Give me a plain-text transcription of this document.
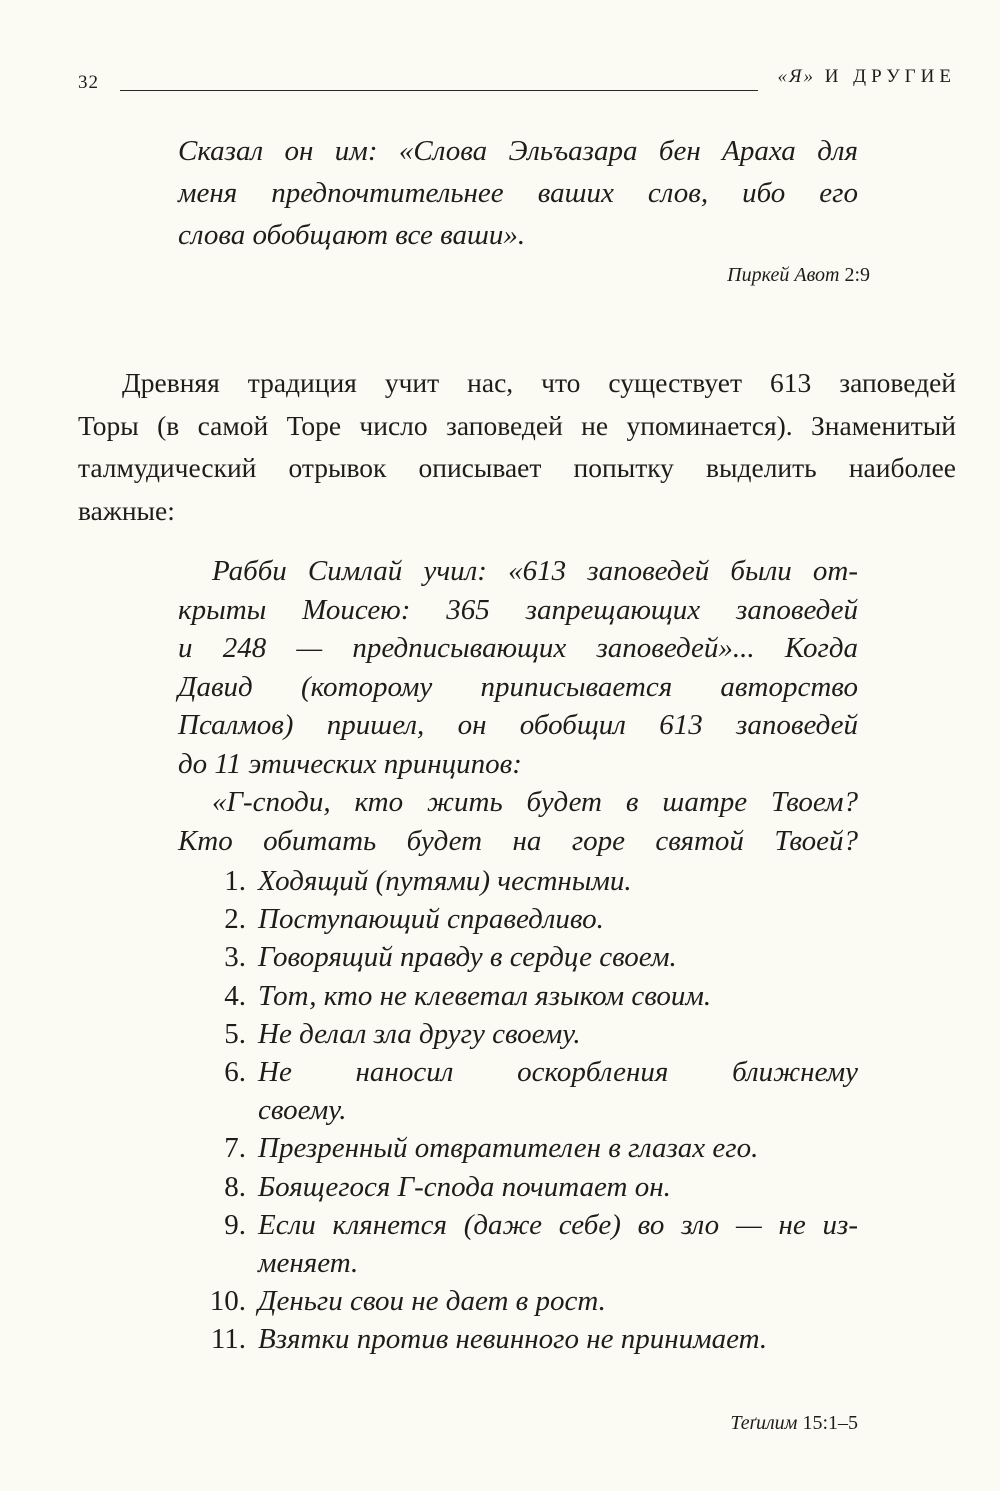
32	«Я» И ДРУГИЕ
Сказал он им: «Слова Эльъазара бен Араха для
меня предпочтительнее ваших слов, ибо его
слова обобщают все ваши».
Пиркей Авот 2:9
Древняя традиция учит нас, что существует 613 заповедей
Торы (в самой Торе число заповедей не упоминается). Знаменитый
талмудический отрывок описывает попытку выделить наиболее
важные:
Рабби Симлай учил: «613 заповедей были от-
крыты Моисею: 365 запрещающих заповедей
и 248 — предписывающих заповедей»... Когда
Давид (которому приписывается авторство
Псалмов) пришел, он обобщил 613 заповедей
до 11 этических принципов:
«Г-споди, кто жить будет в шатре Твоем?
Кто обитать будет на горе святой Твоей?
1. Ходящий (путями) честными.
2. Поступающий справедливо.
3. Говорящий правду в сердце своем.
4. Тот, кто не клеветал языком своим.
5. Не делал зла другу своему.
6. Не наносил оскорбления ближнему
своему.
7. Презренный отвратителен в глазах его.
8. Боящегося Г-спода почитает он.
9. Если клянется (даже себе) во зло — не из-
меняет.
10. Деньги свои не дает в рост.
11. Взятки против невинного не принимает.
Теґилим 15:1–5
